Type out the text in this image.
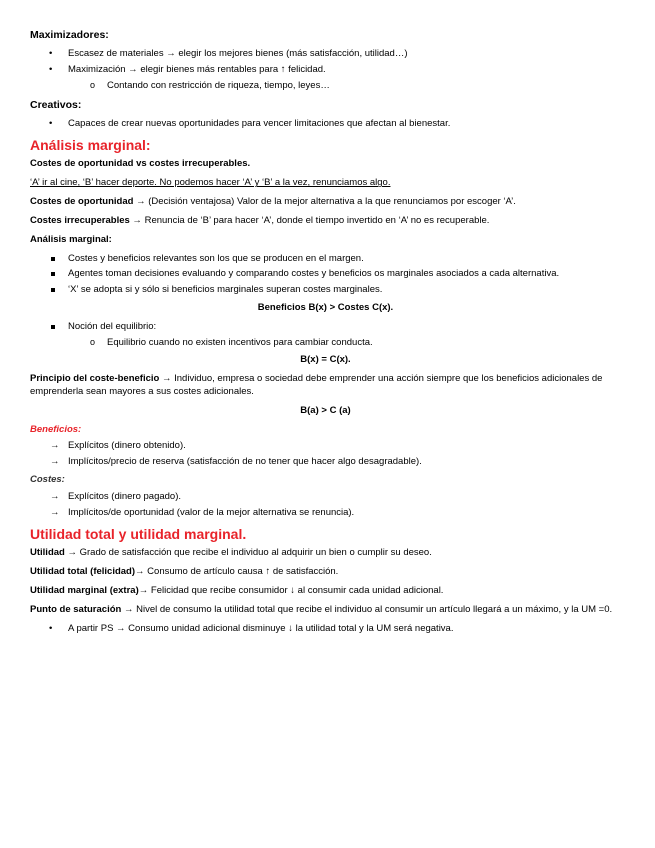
Maximizadores:
• Escasez de materiales → elegir los mejores bienes (más satisfacción, utilidad…)
• Maximización → elegir bienes más rentables para ↑ felicidad.
o Contando con restricción de riqueza, tiempo, leyes…
Creativos:
• Capaces de crear nuevas oportunidades para vencer limitaciones que afectan al bienestar.
Análisis marginal:

Costes de oportunidad vs costes irrecuperables.

‘A’ ir al cine, ‘B’ hacer deporte. No podemos hacer ‘A’ y ‘B’ a la vez, renunciamos algo.

Costes de oportunidad → (Decisión ventajosa) Valor de la mejor alternativa a la que renunciamos por escoger ‘A’.

Costes irrecuperables → Renuncia de ‘B’ para hacer ‘A’, donde el tiempo invertido en ‘A’ no es recuperable.

Análisis marginal:

Costes y beneficios relevantes son los que se producen en el margen.
Agentes toman decisiones evaluando y comparando costes y beneficios os marginales asociados a cada alternativa.
‘X’ se adopta si y sólo si beneficios marginales superan costes marginales.
Beneficios B(x) > Costes C(x).
Noción del equilibrio:
o Equilibrio cuando no existen incentivos para cambiar conducta.
B(x) = C(x).

Principio del coste-beneficio → Individuo, empresa o sociedad debe emprender una acción siempre que los beneficios adicionales de emprenderla sean mayores a sus costes adicionales.

B(a) > C (a)

Beneficios:

→ Explícitos (dinero obtenido).
→ Implícitos/precio de reserva (satisfacción de no tener que hacer algo desagradable).

Costes:

→ Explícitos (dinero pagado).
→ Implícitos/de oportunidad (valor de la mejor alternativa se renuncia).
Utilidad total y utilidad marginal.

Utilidad → Grado de satisfacción que recibe el individuo al adquirir un bien o cumplir su deseo.

Utilidad total (felicidad)→ Consumo de artículo causa ↑ de satisfacción.

Utilidad marginal (extra)→ Felicidad que recibe consumidor ↓ al consumir cada unidad adicional.

Punto de saturación → Nivel de consumo la utilidad total que recibe el individuo al consumir un artículo llegará a un máximo, y la UM =0.

• A partir PS → Consumo unidad adicional disminuye ↓ la utilidad total y la UM será negativa.
